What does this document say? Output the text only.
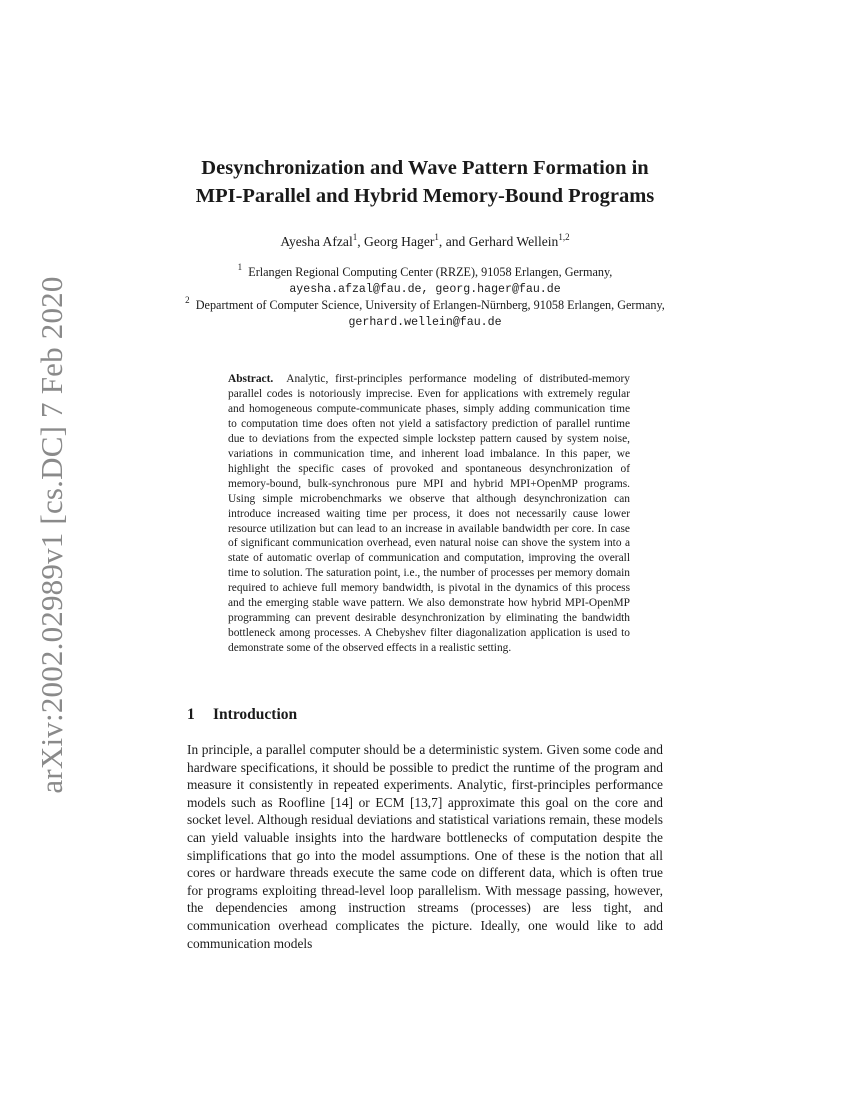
arXiv:2002.02989v1 [cs.DC] 7 Feb 2020
Desynchronization and Wave Pattern Formation in
MPI-Parallel and Hybrid Memory-Bound Programs
Ayesha Afzal$^1$, Georg Hager$^1$, and Gerhard Wellein$^{1,2}$
$^1$ Erlangen Regional Computing Center (RRZE), 91058 Erlangen, Germany,
ayesha.afzal@fau.de, georg.hager@fau.de
$^2$ Department of Computer Science, University of Erlangen-Nürnberg, 91058 Erlangen, Germany,
gerhard.wellein@fau.de
Abstract. Analytic, first-principles performance modeling of distributed-memory parallel codes is notoriously imprecise. Even for applications with extremely regular and homogeneous compute-communicate phases, simply adding communication time to computation time does often not yield a satisfactory prediction of parallel runtime due to deviations from the expected simple lockstep pattern caused by system noise, variations in communication time, and inherent load imbalance. In this paper, we highlight the specific cases of provoked and spontaneous desynchronization of memory-bound, bulk-synchronous pure MPI and hybrid MPI+OpenMP programs. Using simple microbenchmarks we observe that although desynchronization can introduce increased waiting time per process, it does not necessarily cause lower resource utilization but can lead to an increase in available bandwidth per core. In case of significant communication overhead, even natural noise can shove the system into a state of automatic overlap of communication and computation, improving the overall time to solution. The saturation point, i.e., the number of processes per memory domain required to achieve full memory bandwidth, is pivotal in the dynamics of this process and the emerging stable wave pattern. We also demonstrate how hybrid MPI-OpenMP programming can prevent desirable desynchronization by eliminating the bandwidth bottleneck among processes. A Chebyshev filter diagonalization application is used to demonstrate some of the observed effects in a realistic setting.
1 Introduction
In principle, a parallel computer should be a deterministic system. Given some code and hardware specifications, it should be possible to predict the runtime of the program and measure it consistently in repeated experiments. Analytic, first-principles performance models such as Roofline [14] or ECM [13,7] approximate this goal on the core and socket level. Although residual deviations and statistical variations remain, these models can yield valuable insights into the hardware bottlenecks of computation despite the simplifications that go into the model assumptions. One of these is the notion that all cores or hardware threads execute the same code on different data, which is often true for programs exploiting thread-level loop parallelism. With message passing, however, the dependencies among instruction streams (processes) are less tight, and communication overhead complicates the picture. Ideally, one would like to add communication models
